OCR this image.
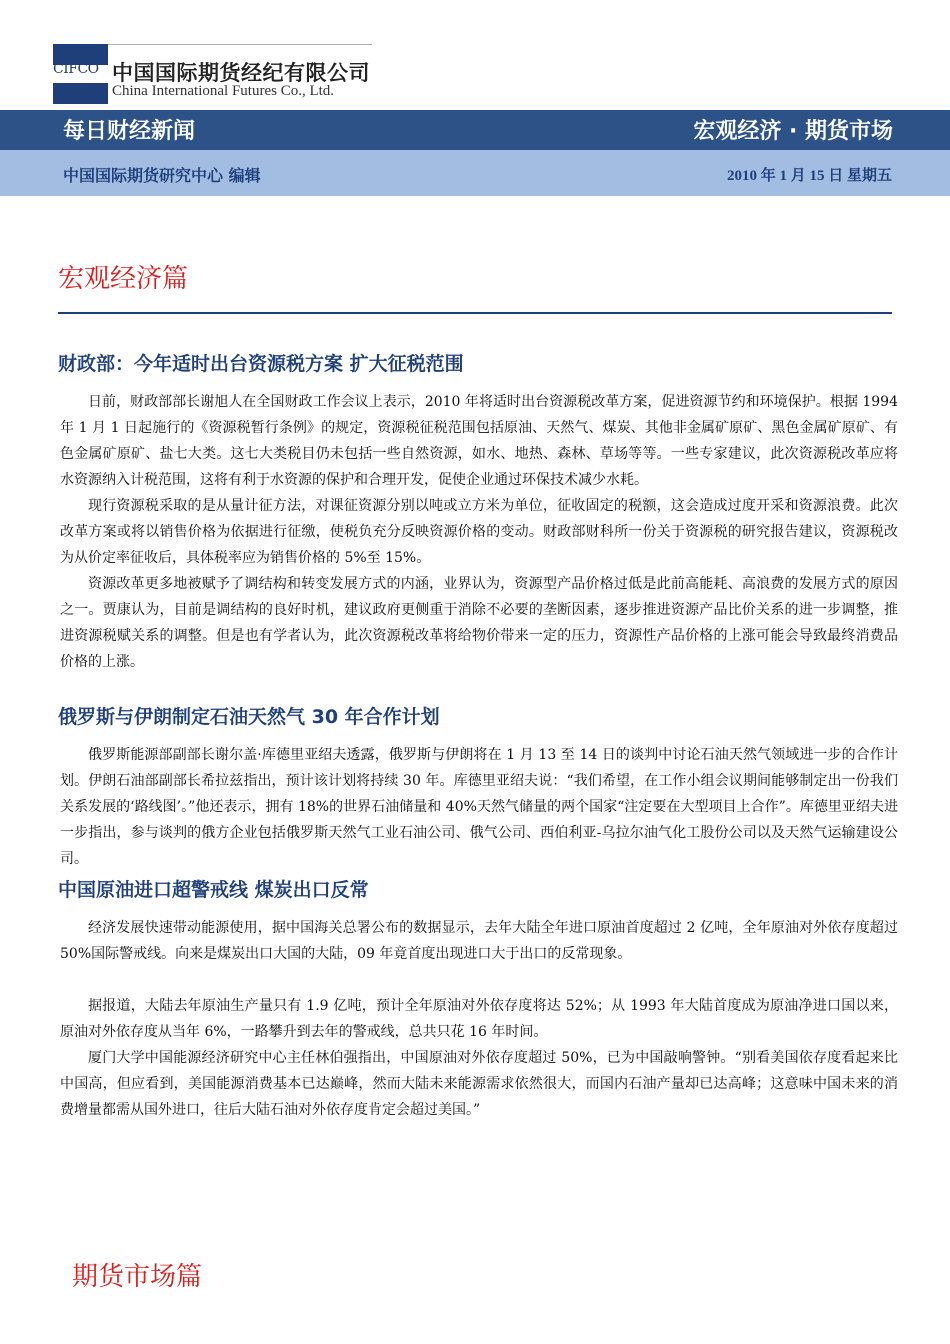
CIFCO 中国国际期货经纪有限公司
China International Futures Co., Ltd.
每日财经新闻	宏观经济 · 期货市场
中国国际期货研究中心 编辑	2010 年 1 月 15 日 星期五
宏观经济篇
财政部：今年适时出台资源税方案 扩大征税范围

日前，财政部部长谢旭人在全国财政工作会议上表示，2010 年将适时出台资源税改革方案，促进资源节约和环境保护。根据 1994 年 1 月 1 日起施行的《资源税暂行条例》的规定，资源税征税范围包括原油、天然气、煤炭、其他非金属矿原矿、黑色金属矿原矿、有色金属矿原矿、盐七大类。这七大类税目仍未包括一些自然资源，如水、地热、森林、草场等等。一些专家建议，此次资源税改革应将水资源纳入计税范围，这将有利于水资源的保护和合理开发，促使企业通过环保技术减少水耗。

现行资源税采取的是从量计征方法，对课征资源分别以吨或立方米为单位，征收固定的税额，这会造成过度开采和资源浪费。此次改革方案或将以销售价格为依据进行征缴，使税负充分反映资源价格的变动。财政部财科所一份关于资源税的研究报告建议，资源税改为从价定率征收后，具体税率应为销售价格的 5%至 15%。

资源改革更多地被赋予了调结构和转变发展方式的内涵，业界认为，资源型产品价格过低是此前高能耗、高浪费的发展方式的原因之一。贾康认为，目前是调结构的良好时机，建议政府更侧重于消除不必要的垄断因素，逐步推进资源产品比价关系的进一步调整，推进资源税赋关系的调整。但是也有学者认为，此次资源税改革将给物价带来一定的压力，资源性产品价格的上涨可能会导致最终消费品价格的上涨。

俄罗斯与伊朗制定石油天然气 30 年合作计划

俄罗斯能源部副部长谢尔盖·库德里亚绍夫透露，俄罗斯与伊朗将在 1 月 13 至 14 日的谈判中讨论石油天然气领域进一步的合作计划。伊朗石油部副部长希拉兹指出，预计该计划将持续 30 年。库德里亚绍夫说：“我们希望，在工作小组会议期间能够制定出一份我们关系发展的‘路线图’。”他还表示，拥有 18%的世界石油储量和 40%天然气储量的两个国家“注定要在大型项目上合作”。库德里亚绍夫进一步指出，参与谈判的俄方企业包括俄罗斯天然气工业石油公司、俄气公司、西伯利亚-乌拉尔油气化工股份公司以及天然气运输建设公司。

中国原油进口超警戒线 煤炭出口反常

经济发展快速带动能源使用，据中国海关总署公布的数据显示，去年大陆全年进口原油首度超过 2 亿吨，全年原油对外依存度超过 50%国际警戒线。向来是煤炭出口大国的大陆，09 年竟首度出现进口大于出口的反常现象。

据报道，大陆去年原油生产量只有 1.9 亿吨，预计全年原油对外依存度将达 52%；从 1993 年大陆首度成为原油净进口国以来，原油对外依存度从当年 6%，一路攀升到去年的警戒线，总共只花 16 年时间。

厦门大学中国能源经济研究中心主任林伯强指出，中国原油对外依存度超过 50%，已为中国敲响警钟。“别看美国依存度看起来比中国高，但应看到，美国能源消费基本已达巅峰，然而大陆未来能源需求依然很大，而国内石油产量却已达高峰；这意味中国未来的消费增量都需从国外进口，往后大陆石油对外依存度肯定会超过美国。”

期货市场篇
